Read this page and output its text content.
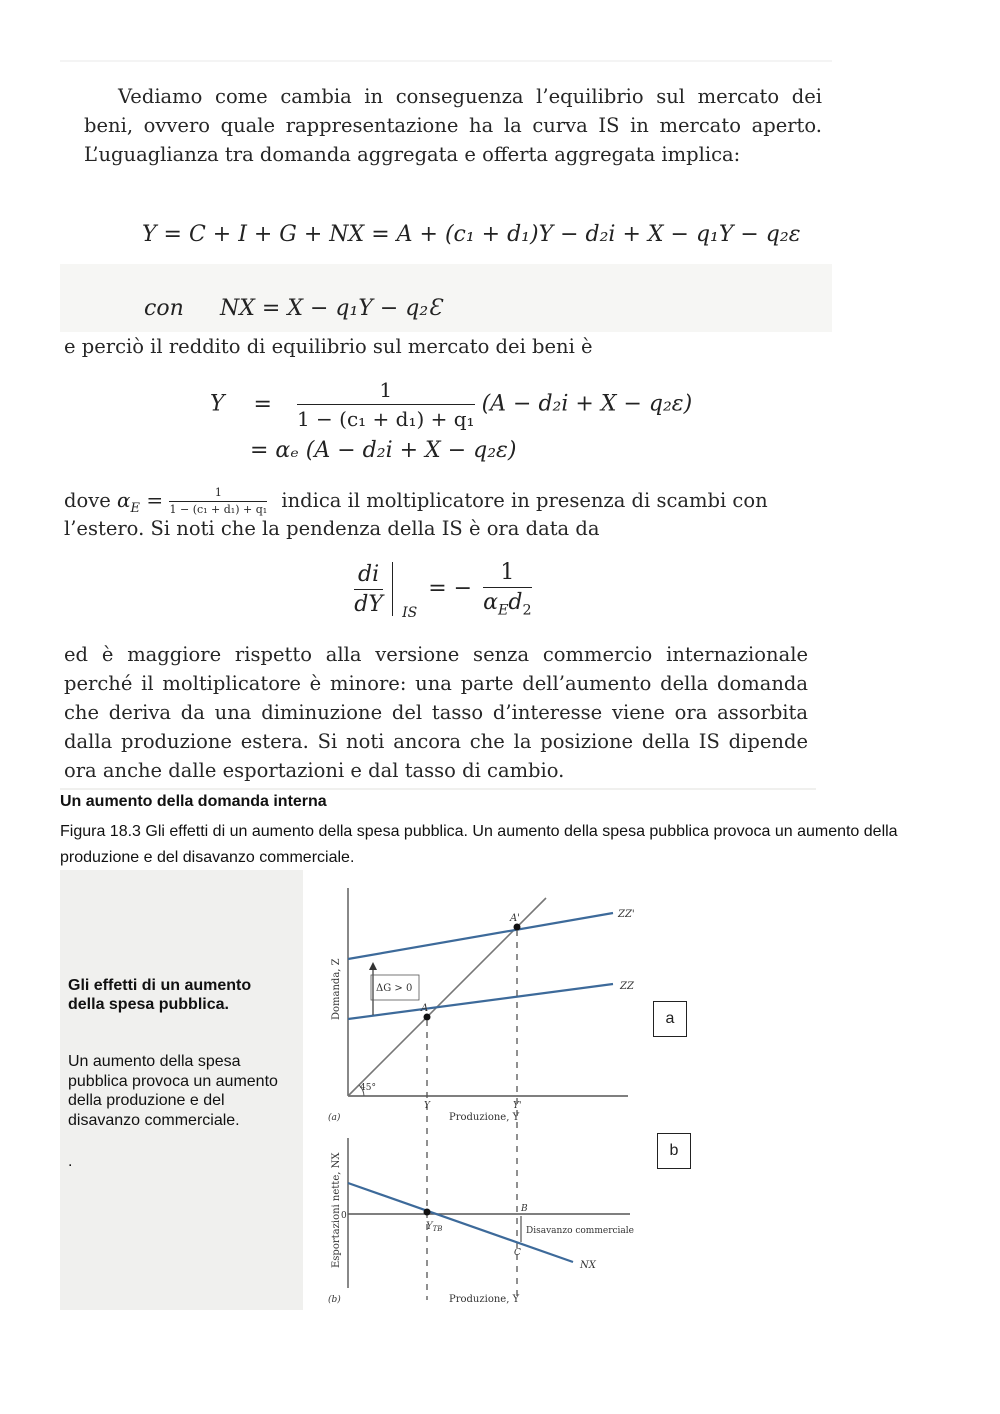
Vediamo come cambia in conseguenza l’equilibrio sul mercato dei beni, ovvero quale rappresentazione ha la curva IS in mercato aperto. L’uguaglianza tra domanda aggregata e offerta aggregata implica:
Y = C + I + G + NX = A + (c₁ + d₁)Y − d₂i + X − q₁Y − q₂ε
con NX = X − q₁Y − q₂Ɛ
e perciò il reddito di equilibrio sul mercato dei beni è
$Y = \frac{1}{\text{1 − (c₁ + d₁) + q₁}} (A - d_2i + X - q_2\varepsilon)$
= αₑ (A − d₂i + X − q₂ε)
dove $\alpha_E = \frac{1}{\text{1 − (c₁ + d₁) + q₁}}$ indica il moltiplicatore in presenza di scambi con
l’estero. Si noti che la pendenza della IS è ora data da
$\frac{di}{dY} _{IS}$ = − $\frac{1}{\alpha_Ed_2}$
ed è maggiore rispetto alla versione senza commercio internazionale perché il moltiplicatore è minore: una parte dell’aumento della domanda che deriva da una diminuzione del tasso d’interesse viene ora assorbita dalla produzione estera. Si noti ancora che la posizione della IS dipende ora anche dalle esportazioni e dal tasso di cambio.
Un aumento della domanda interna
Figura 18.3 Gli effetti di un aumento della spesa pubblica. Un aumento della spesa pubblica provoca un aumento della produzione e del disavanzo commerciale.
Gli effetti di un aumento della spesa pubblica.
Un aumento della spesa pubblica provoca un aumento della produzione e del disavanzo commerciale.
.
45°
ZZ
ZZ'
ΔG > 0
A
A'
Y	Y'
Produzione, Y
(a)
Domanda, Z
0
NX
$Y_{TB}$
B
C
Disavanzo commerciale
Produzione, Y
(b)
Esportazioni nette, NX
a
b
